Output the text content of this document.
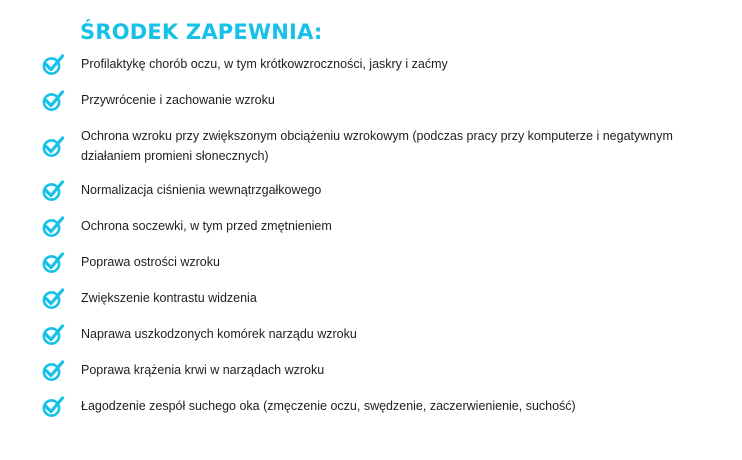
ŚRODEK ZAPEWNIA:

Profilaktykę chorób oczu, w tym krótkowzroczności, jaskry i zaćmy

Przywrócenie i zachowanie wzroku

Ochrona wzroku przy zwiększonym obciążeniu wzrokowym (podczas pracy przy komputerze i negatywnym działaniem promieni słonecznych)

Normalizacja ciśnienia wewnątrzgałkowego

Ochrona soczewki, w tym przed zmętnieniem

Poprawa ostrości wzroku

Zwiększenie kontrastu widzenia

Naprawa uszkodzonych komórek narządu wzroku

Poprawa krążenia krwi w narządach wzroku

Łagodzenie zespół suchego oka (zmęczenie oczu, swędzenie, zaczerwienienie, suchość)
